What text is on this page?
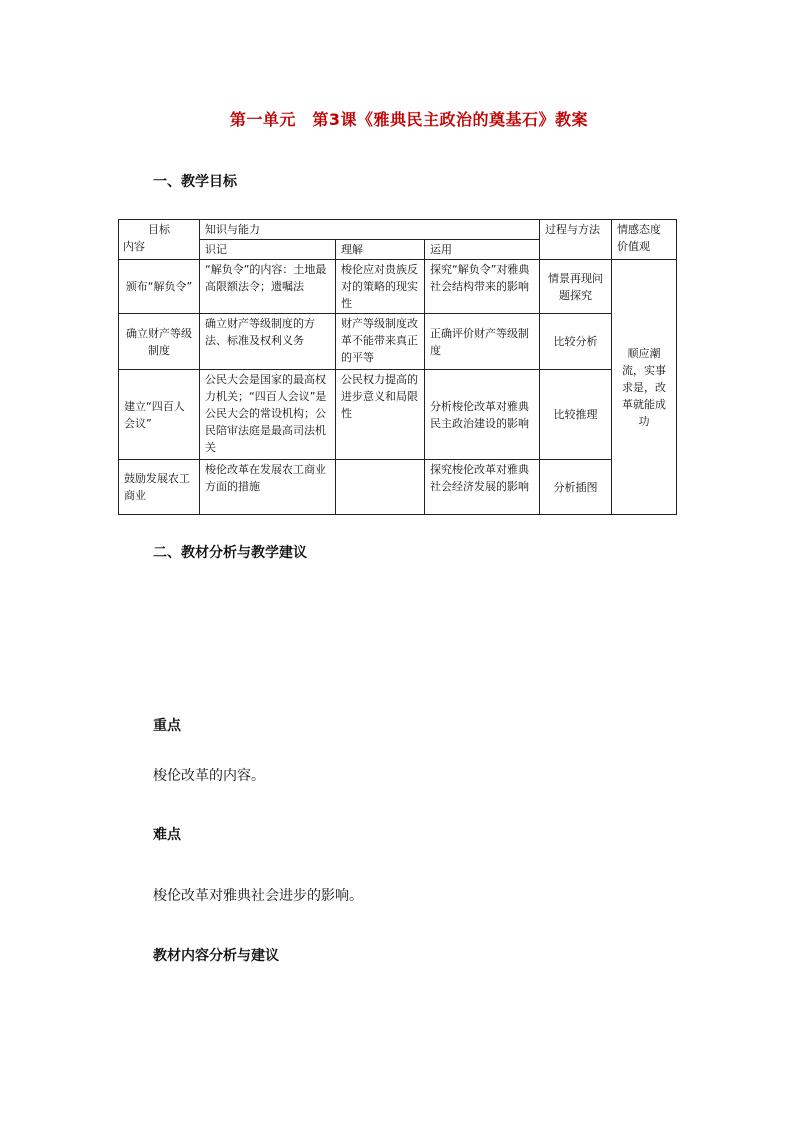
第一单元　第3课《雅典民主政治的奠基石》教案
一、教学目标
目标
内容	知识与能力			过程与方法	情感态度价值观
	识记	理解	运用		
颁布“解负令”	“解负令”的内容：土地最高限额法令；遗嘱法	梭伦应对贵族反对的策略的现实性	探究“解负令”对雅典社会结构带来的影响	情景再现问题探究	顺应潮流，实事求是，改革就能成功
确立财产等级制度	确立财产等级制度的方法、标准及权利义务	财产等级制度改革不能带来真正的平等	正确评价财产等级制度	比较分析	
建立“四百人会议”	公民大会是国家的最高权力机关；“四百人会议”是公民大会的常设机构；公民陪审法庭是最高司法机关	公民权力提高的进步意义和局限性	分析梭伦改革对雅典民主政治建设的影响	比较推理	
鼓励发展农工商业	梭伦改革在发展农工商业方面的措施		探究梭伦改革对雅典社会经济发展的影响	分析插图	
二、教材分析与教学建议
重点

梭伦改革的内容。

难点

梭伦改革对雅典社会进步的影响。

教材内容分析与建议
